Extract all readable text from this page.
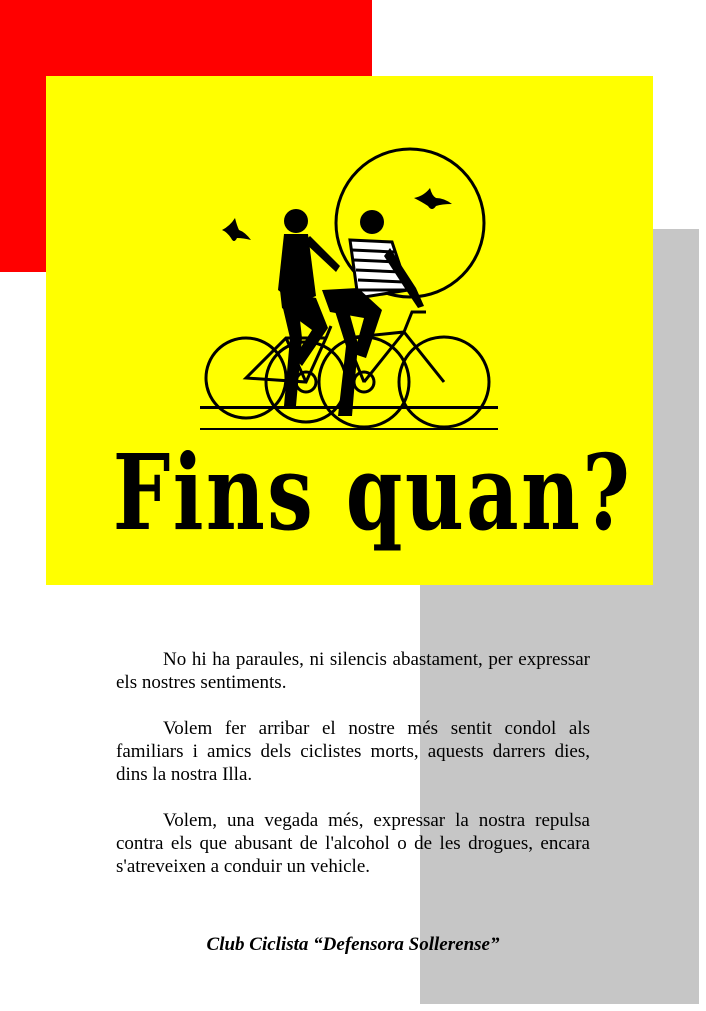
Fins quan?

No hi ha paraules, ni silencis abastament, per expressar els nostres sentiments.

Volem fer arribar el nostre més sentit condol als familiars i amics dels ciclistes morts, aquests darrers dies, dins la nostra Illa.

Volem, una vegada més, expressar la nostra repulsa contra els que abusant de l'alcohol o de les drogues, encara s'atreveixen a conduir un vehicle.

Club Ciclista “Defensora Sollerense”
